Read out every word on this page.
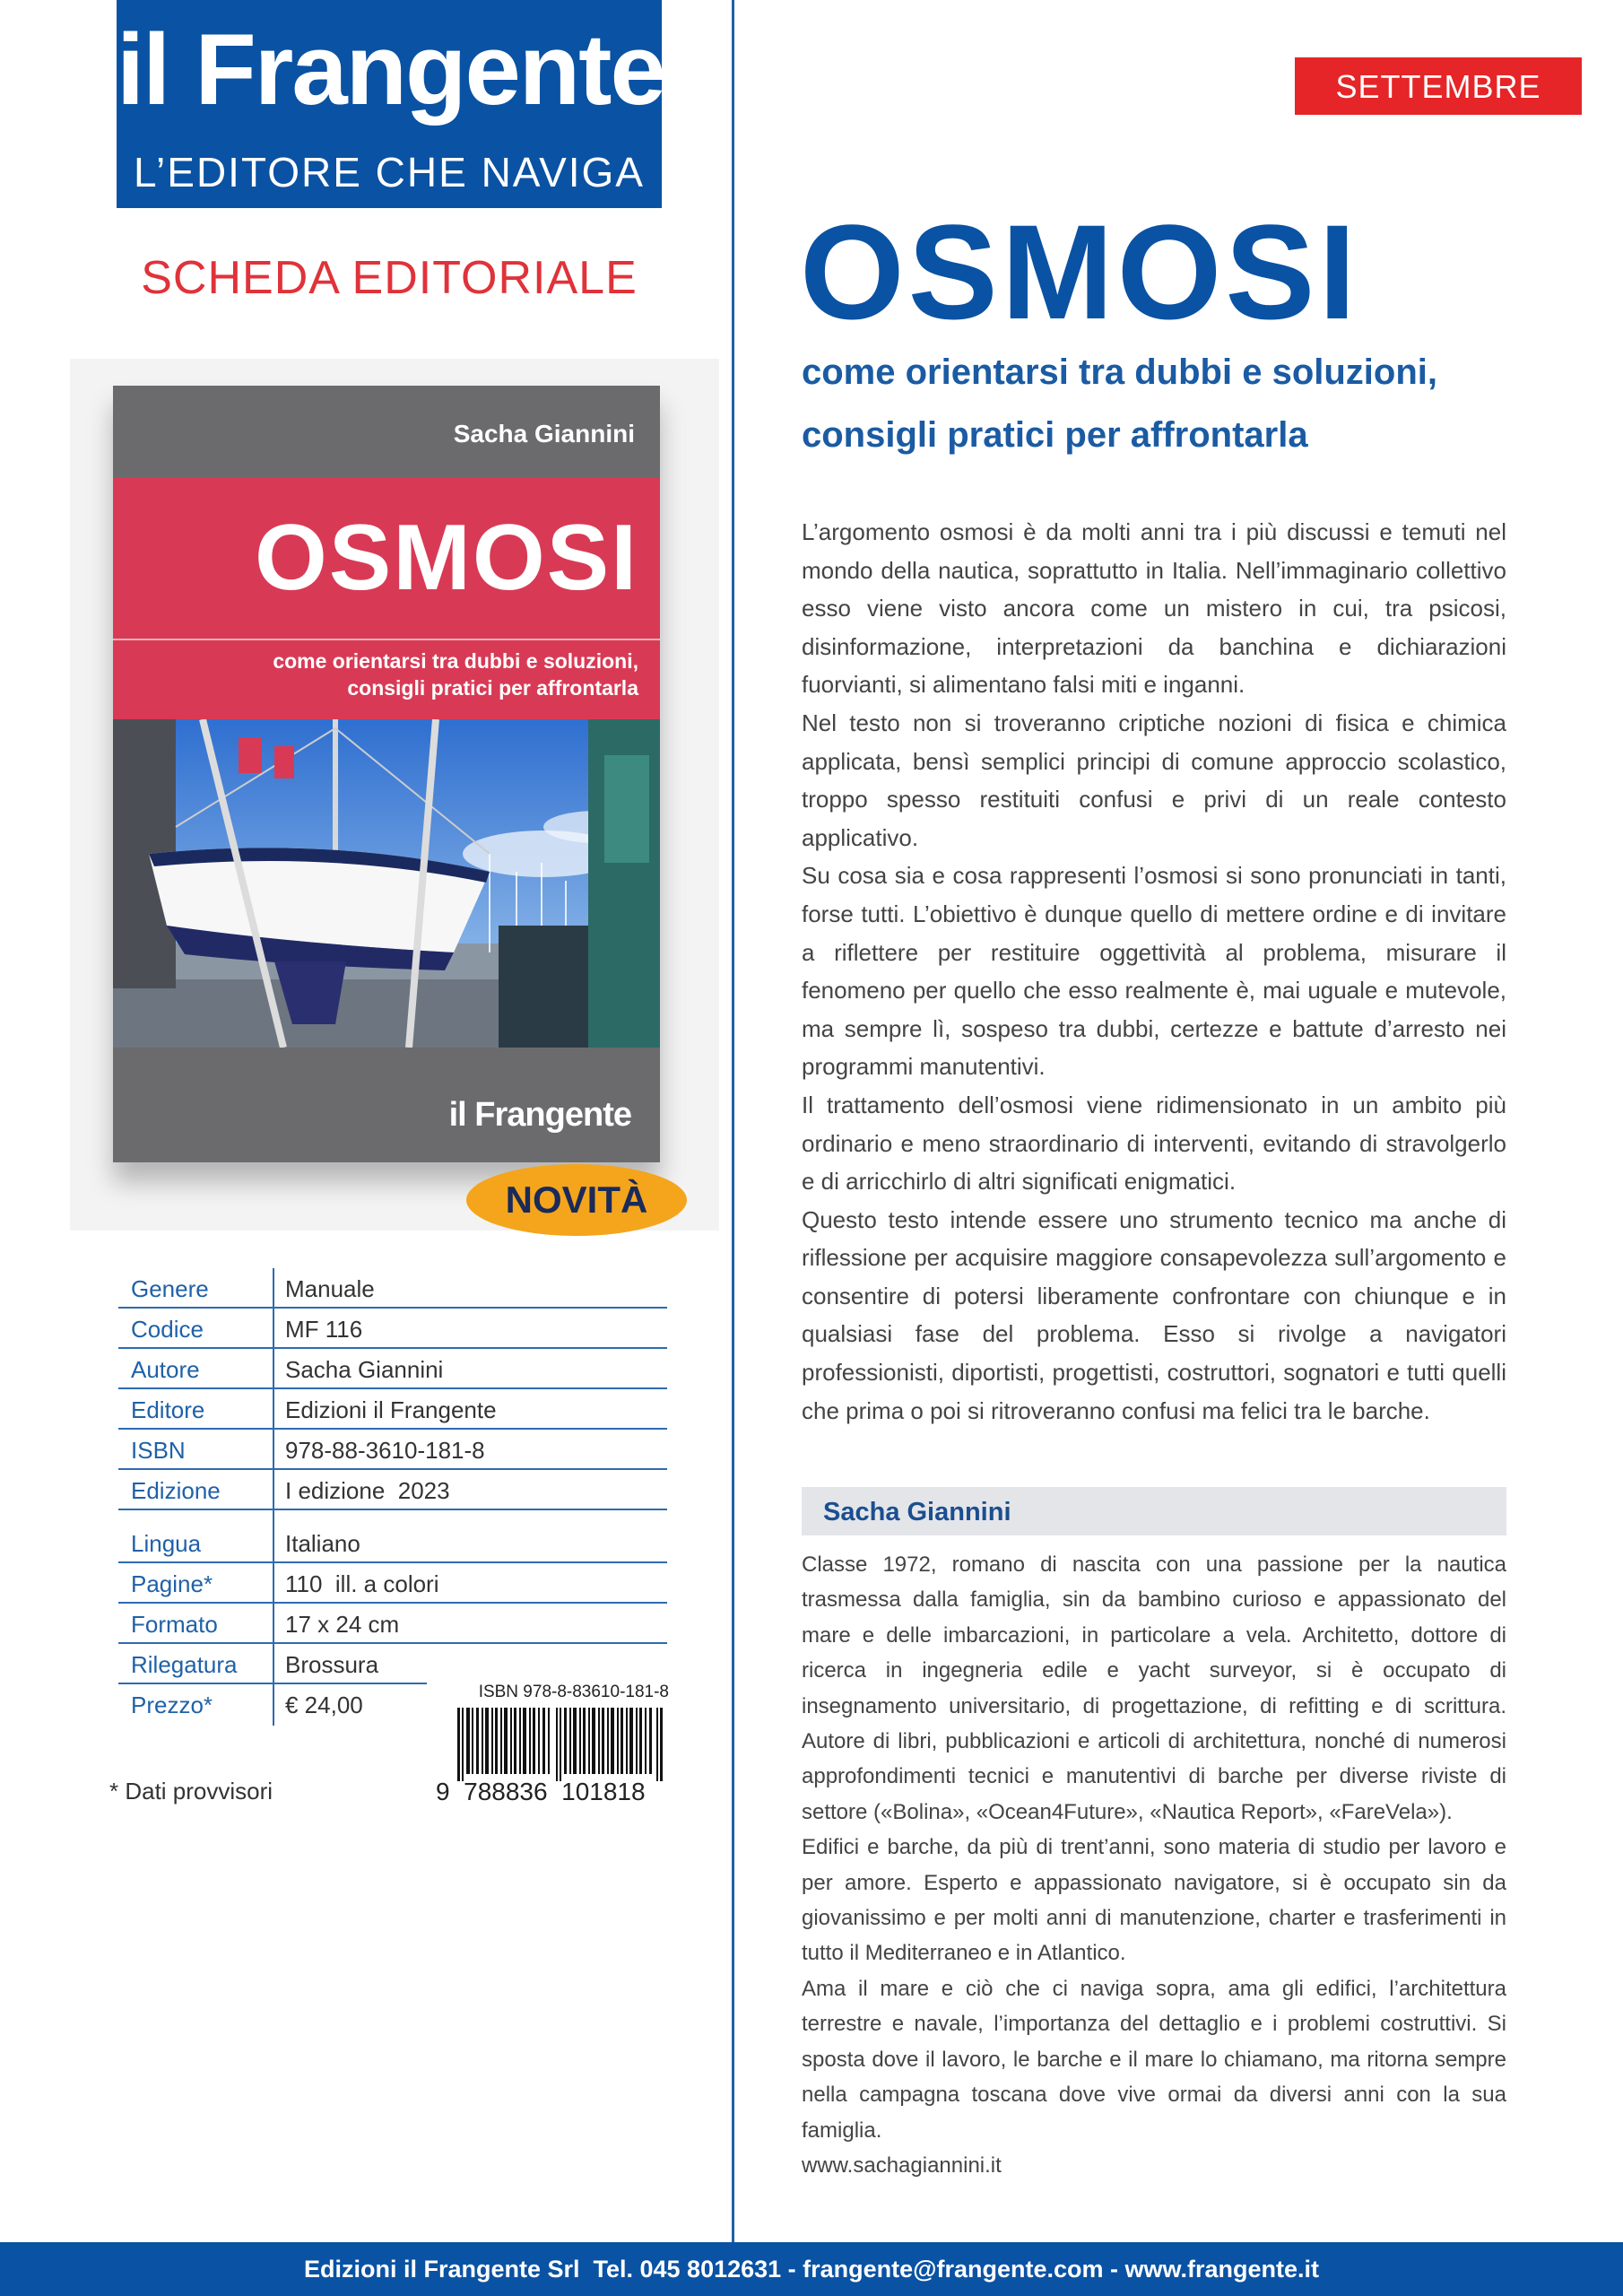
il Frangente
L’EDITORE CHE NAVIGA
SCHEDA EDITORIALE
Sacha Giannini
OSMOSI
come orientarsi tra dubbi e soluzioni,
consigli pratici per affrontarla
il Frangente
NOVITÀ
Genere	Manuale
Codice	MF 116
Autore	Sacha Giannini
Editore	Edizioni il Frangente
ISBN	978-88-3610-181-8
Edizione	I edizione  2023
Lingua	Italiano
Pagine*	110  ill. a colori
Formato	17 x 24 cm
Rilegatura Brossura
Prezzo*	€ 24,00
* Dati provvisori
ISBN 978-8-83610-181-8
9  788836  101818
SETTEMBRE
OSMOSI
come orientarsi tra dubbi e soluzioni,
consigli pratici per affrontarla

L’argomento osmosi è da molti anni tra i più discussi e temuti nel mondo della nautica, soprattutto in Italia. Nell’immaginario collettivo esso viene visto ancora come un mistero in cui, tra psicosi, disinformazione, interpretazioni da banchina e dichiarazioni fuorvianti, si alimentano falsi miti e inganni.

Nel testo non si troveranno criptiche nozioni di fisica e chimica applicata, bensì semplici principi di comune approccio scolastico, troppo spesso restituiti confusi e privi di un reale contesto applicativo.

Su cosa sia e cosa rappresenti l’osmosi si sono pronunciati in tanti, forse tutti. L’obiettivo è dunque quello di mettere ordine e di invitare a riflettere per restituire oggettività al problema, misurare il fenomeno per quello che esso realmente è, mai uguale e mutevole, ma sempre lì, sospeso tra dubbi, certezze e battute d’arresto nei programmi manutentivi.

Il trattamento dell’osmosi viene ridimensionato in un ambito più ordinario e meno straordinario di interventi, evitando di stravolgerlo e di arricchirlo di altri significati enigmatici.

Questo testo intende essere uno strumento tecnico ma anche di riflessione per acquisire maggiore consapevolezza sull’argomento e consentire di potersi liberamente confrontare con chiunque e in qualsiasi fase del problema. Esso si rivolge a navigatori professionisti, diportisti, progettisti, costruttori, sognatori e tutti quelli che prima o poi si ritroveranno confusi ma felici tra le barche.

Sacha Giannini

Classe 1972, romano di nascita con una passione per la nautica trasmessa dalla famiglia, sin da bambino curioso e appassionato del mare e delle imbarcazioni, in particolare a vela. Architetto, dottore di ricerca in ingegneria edile e yacht surveyor, si è occupato di insegnamento universitario, di progettazione, di refitting e di scrittura. Autore di libri, pubblicazioni e articoli di architettura, nonché di numerosi approfondimenti tecnici e manutentivi di barche per diverse riviste di settore («Bolina», «Ocean4Future», «Nautica Report», «FareVela»).

Edifici e barche, da più di trent’anni, sono materia di studio per lavoro e per amore. Esperto e appassionato navigatore, si è occupato sin da giovanissimo e per molti anni di manutenzione, charter e trasferimenti in tutto il Mediterraneo e in Atlantico.

Ama il mare e ciò che ci naviga sopra, ama gli edifici, l’architettura terrestre e navale, l’importanza del dettaglio e i problemi costruttivi. Si sposta dove il lavoro, le barche e il mare lo chiamano, ma ritorna sempre nella campagna toscana dove vive ormai da diversi anni con la sua famiglia.

www.sachagiannini.it

Edizioni il Frangente Srl  Tel. 045 8012631 - frangente@frangente.com - www.frangente.it
